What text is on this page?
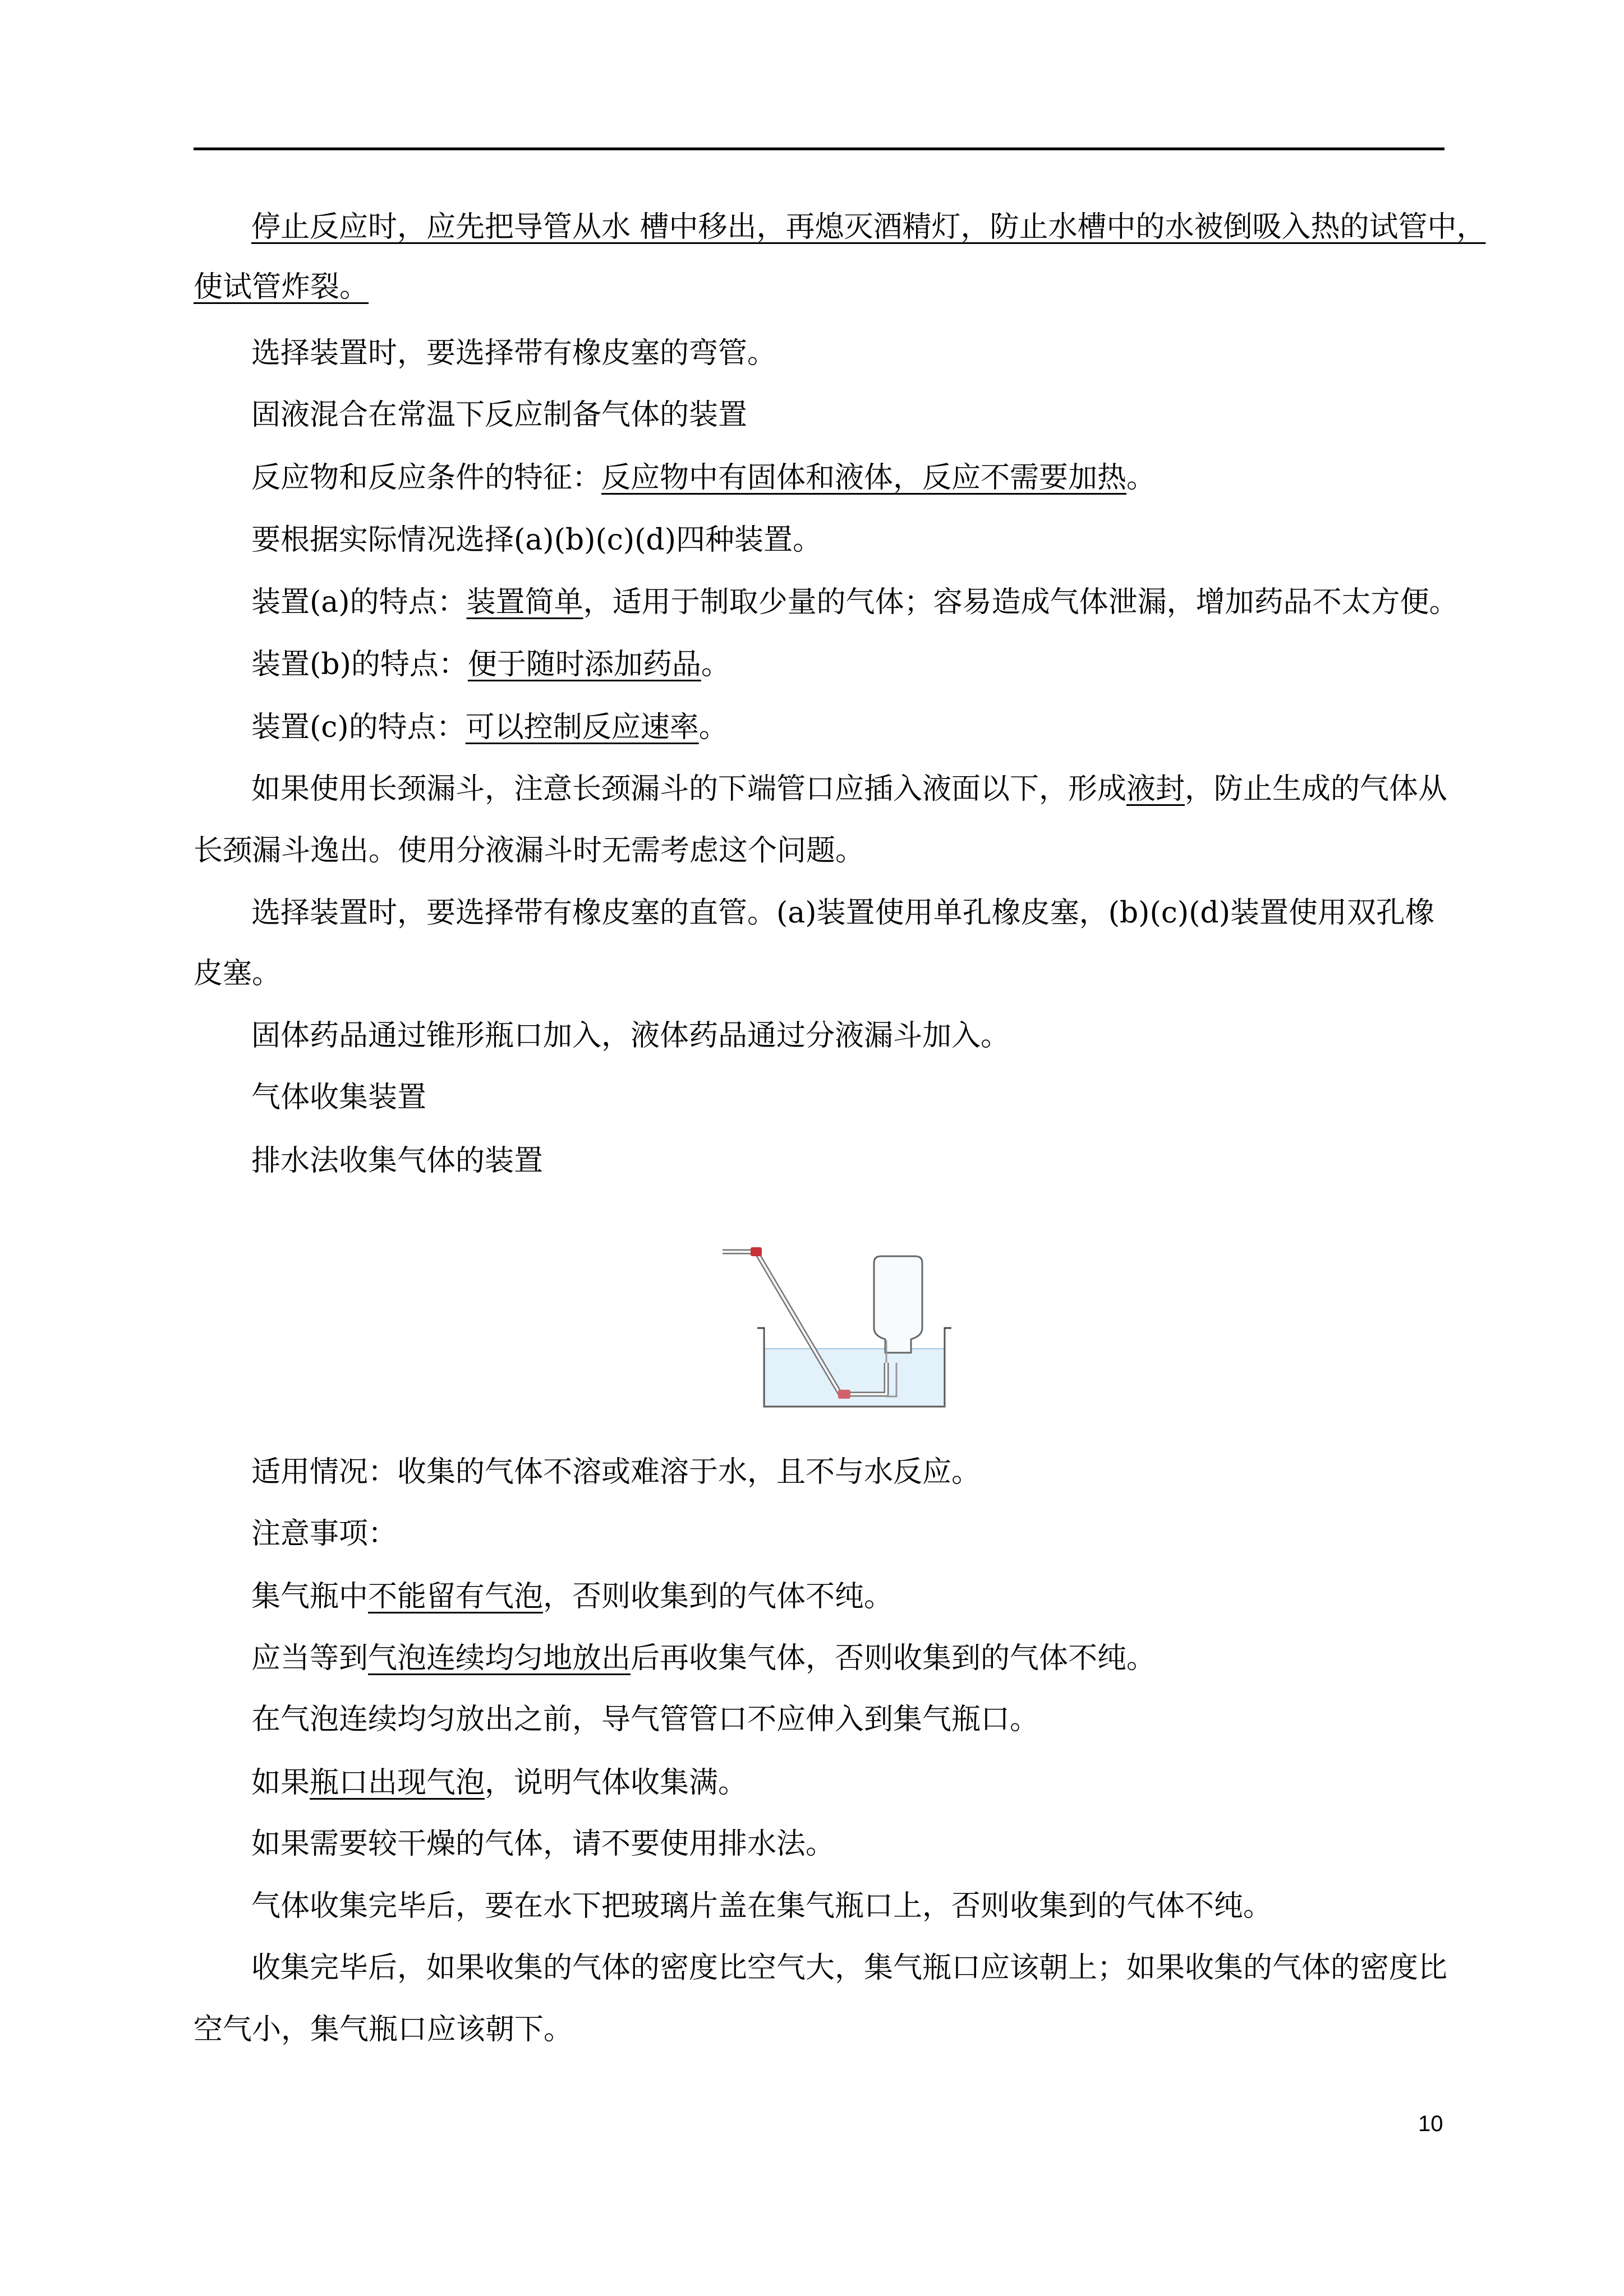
停止反应时，应先把导管从水 槽中移出，再熄灭酒精灯，防止水槽中的水被倒吸入热的试管中，
使试管炸裂。
选择装置时，要选择带有橡皮塞的弯管。
固液混合在常温下反应制备气体的装置
反应物和反应条件的特征：反应物中有固体和液体，反应不需要加热。
要根据实际情况选择(a)(b)(c)(d)四种装置。
装置(a)的特点：装置简单，适用于制取少量的气体；容易造成气体泄漏，增加药品不太方便。
装置(b)的特点：便于随时添加药品。
装置(c)的特点：可以控制反应速率。
如果使用长颈漏斗，注意长颈漏斗的下端管口应插入液面以下，形成液封，防止生成的气体从
长颈漏斗逸出。使用分液漏斗时无需考虑这个问题。
选择装置时，要选择带有橡皮塞的直管。(a)装置使用单孔橡皮塞，(b)(c)(d)装置使用双孔橡
皮塞。
固体药品通过锥形瓶口加入，液体药品通过分液漏斗加入。
气体收集装置
排水法收集气体的装置
适用情况：收集的气体不溶或难溶于水，且不与水反应。
注意事项：
集气瓶中不能留有气泡，否则收集到的气体不纯。
应当等到气泡连续均匀地放出后再收集气体，否则收集到的气体不纯。
在气泡连续均匀放出之前，导气管管口不应伸入到集气瓶口。
如果瓶口出现气泡，说明气体收集满。
如果需要较干燥的气体，请不要使用排水法。
气体收集完毕后，要在水下把玻璃片盖在集气瓶口上，否则收集到的气体不纯。
收集完毕后，如果收集的气体的密度比空气大，集气瓶口应该朝上；如果收集的气体的密度比
空气小，集气瓶口应该朝下。
10
